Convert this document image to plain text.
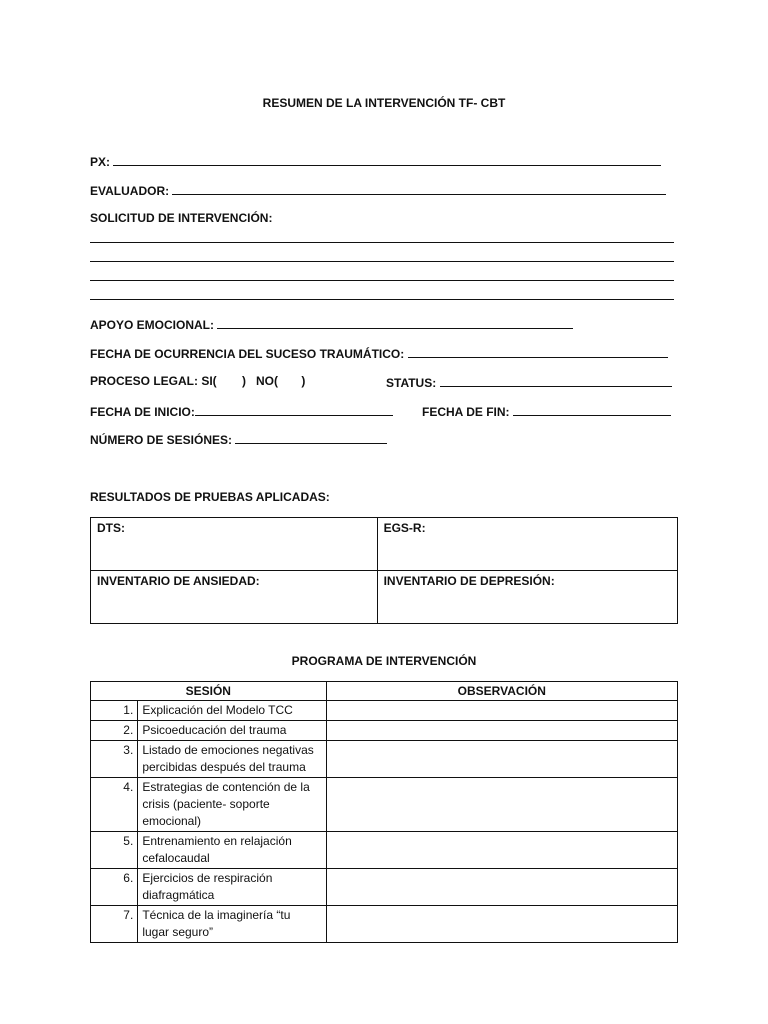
RESUMEN DE LA INTERVENCIÓN TF- CBT
PX:
EVALUADOR:
SOLICITUD DE INTERVENCIÓN:
APOYO EMOCIONAL:
FECHA DE OCURRENCIA DEL SUCESO TRAUMÁTICO:
PROCESO LEGAL: SI( ) NO( )	STATUS:
FECHA DE INICIO:	FECHA DE FIN:
NÚMERO DE SESIÓNES:
RESULTADOS DE PRUEBAS APLICADAS:
DTS:	EGS-R:
INVENTARIO DE ANSIEDAD:	INVENTARIO DE DEPRESIÓN:
PROGRAMA DE INTERVENCIÓN
SESIÓN		OBSERVACIÓN
1.	Explicación del Modelo TCC	

2.	Psicoeducación del trauma	

3.	Listado de emociones negativas
percibidas después del trauma	

4.	Estrategias de contención de la
crisis (paciente- soporte
emocional)	

5.	Entrenamiento en relajación
cefalocaudal	

6.	Ejercicios de respiración
diafragmática	

7.	Técnica de la imaginería “tu
lugar seguro”	
